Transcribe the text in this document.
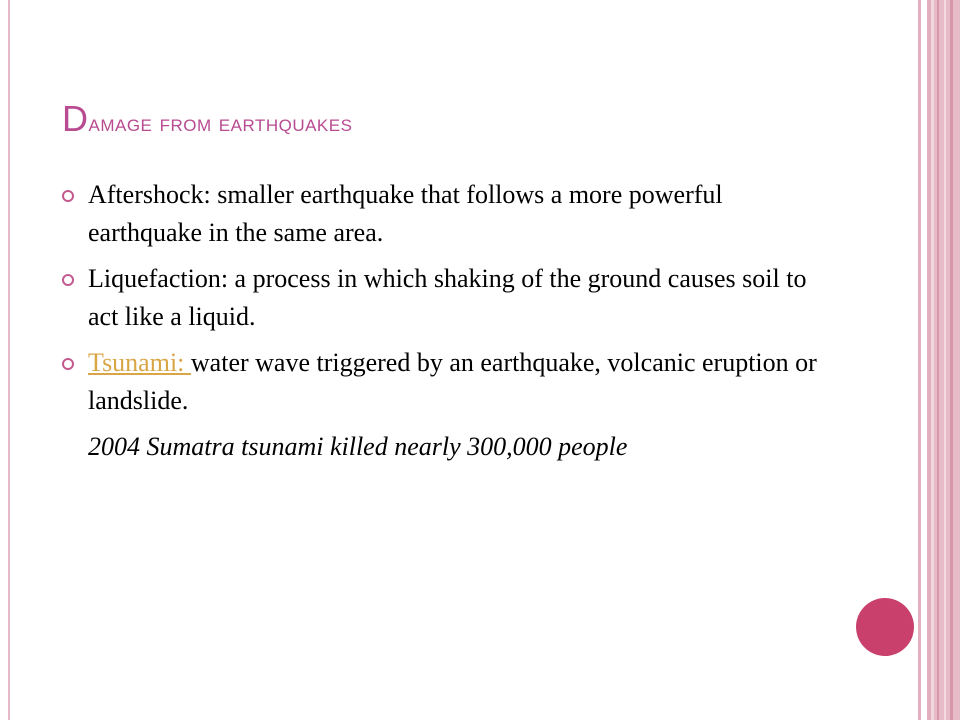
Damage from earthquakes
Aftershock: smaller earthquake that follows a more powerful earthquake in the same area.
Liquefaction: a process in which shaking of the ground causes soil to act like a liquid.
Tsunami: water wave triggered by an earthquake, volcanic eruption or landslide.
2004 Sumatra tsunami killed nearly 300,000 people
